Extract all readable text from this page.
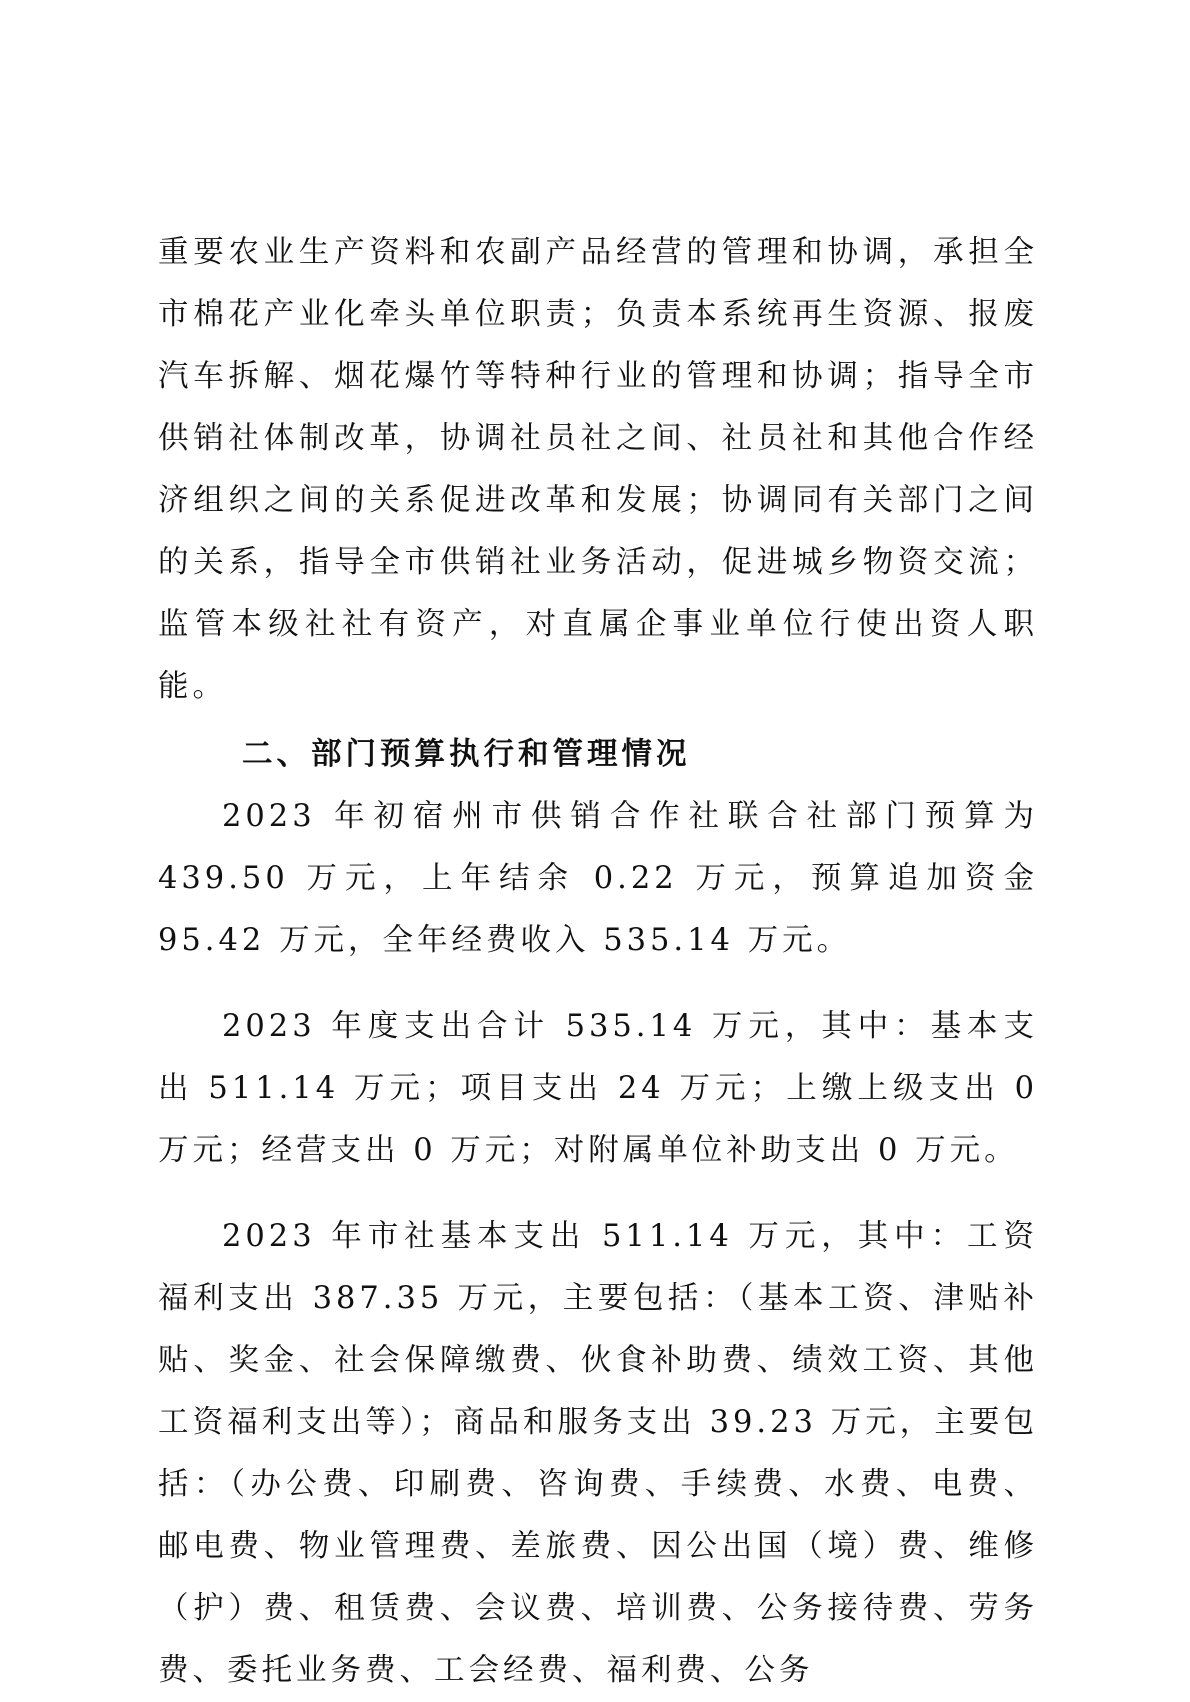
重要农业生产资料和农副产品经营的管理和协调，承担全市棉花产业化牵头单位职责；负责本系统再生资源、报废汽车拆解、烟花爆竹等特种行业的管理和协调；指导全市供销社体制改革，协调社员社之间、社员社和其他合作经济组织之间的关系促进改革和发展；协调同有关部门之间的关系，指导全市供销社业务活动，促进城乡物资交流；监管本级社社有资产，对直属企事业单位行使出资人职能。

二、部门预算执行和管理情况

2023 年初宿州市供销合作社联合社部门预算为 439.50 万元，上年结余 0.22 万元，预算追加资金 95.42 万元，全年经费收入 535.14 万元。

2023 年度支出合计 535.14 万元，其中：基本支出 511.14 万元；项目支出 24 万元；上缴上级支出 0 万元；经营支出 0 万元；对附属单位补助支出 0 万元。

2023 年市社基本支出 511.14 万元，其中：工资福利支出 387.35 万元，主要包括：（基本工资、津贴补贴、奖金、社会保障缴费、伙食补助费、绩效工资、其他工资福利支出等）；商品和服务支出 39.23 万元，主要包括：（办公费、印刷费、咨询费、手续费、水费、电费、邮电费、物业管理费、差旅费、因公出国（境）费、维修（护）费、租赁费、会议费、培训费、公务接待费、劳务费、委托业务费、工会经费、福利费、公务
